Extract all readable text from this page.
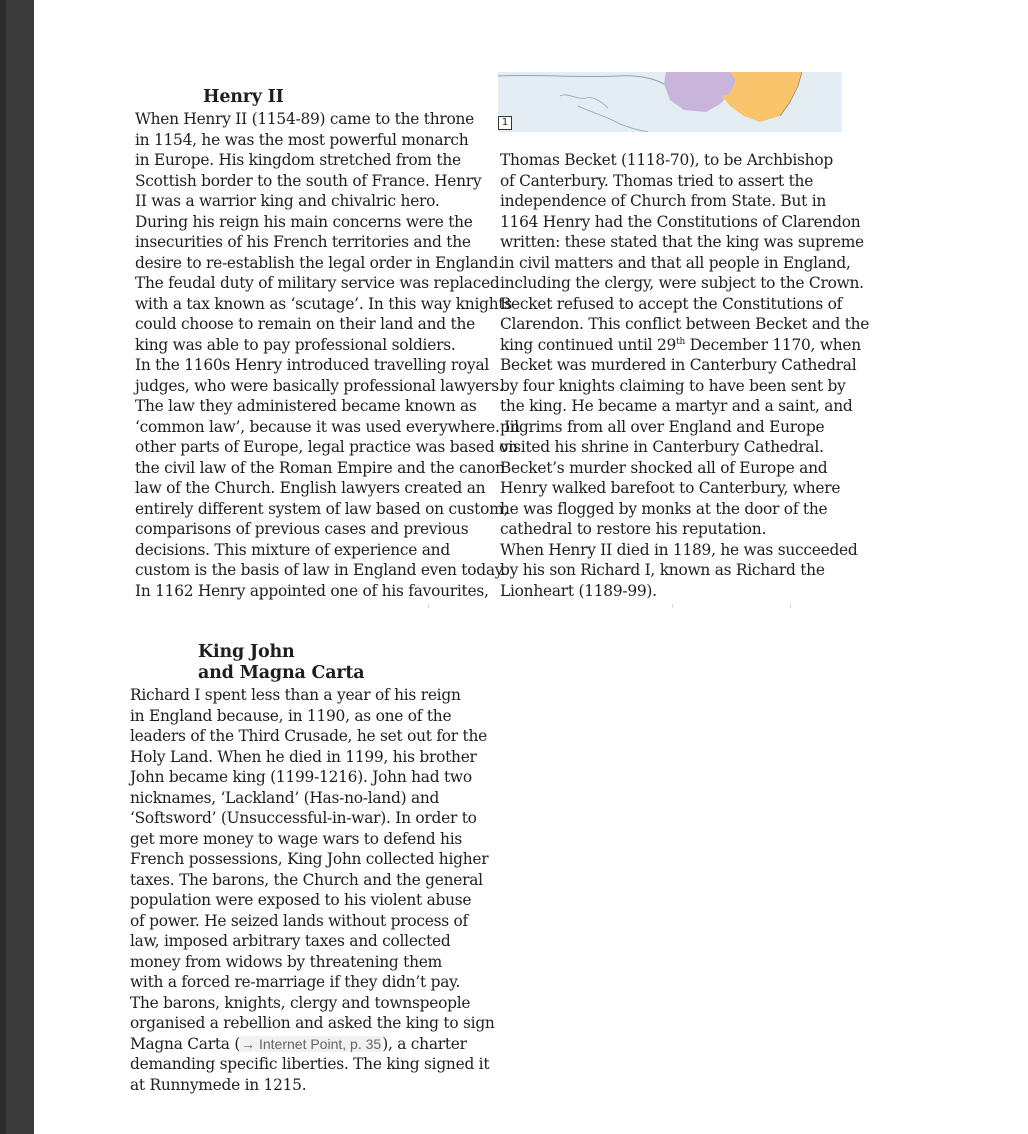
Henry II
When Henry II (1154-89) came to the throne
in 1154, he was the most powerful monarch
in Europe. His kingdom stretched from the
Scottish border to the south of France. Henry
II was a warrior king and chivalric hero.
During his reign his main concerns were the
insecurities of his French territories and the
desire to re-establish the legal order in England.
The feudal duty of military service was replaced
with a tax known as ‘scutage’. In this way knights
could choose to remain on their land and the
king was able to pay professional soldiers.
In the 1160s Henry introduced travelling royal
judges, who were basically professional lawyers.
The law they administered became known as
‘common law’, because it was used everywhere. In
other parts of Europe, legal practice was based on
the civil law of the Roman Empire and the canon
law of the Church. English lawyers created an
entirely different system of law based on custom,
comparisons of previous cases and previous
decisions. This mixture of experience and
custom is the basis of law in England even today.
In 1162 Henry appointed one of his favourites,
1
Thomas Becket (1118-70), to be Archbishop
of Canterbury. Thomas tried to assert the
independence of Church from State. But in
1164 Henry had the Constitutions of Clarendon
written: these stated that the king was supreme
in civil matters and that all people in England,
including the clergy, were subject to the Crown.
Becket refused to accept the Constitutions of
Clarendon. This conflict between Becket and the
king continued until 29th December 1170, when
Becket was murdered in Canterbury Cathedral
by four knights claiming to have been sent by
the king. He became a martyr and a saint, and
pilgrims from all over England and Europe
visited his shrine in Canterbury Cathedral.
Becket’s murder shocked all of Europe and
Henry walked barefoot to Canterbury, where
he was flogged by monks at the door of the
cathedral to restore his reputation.
When Henry II died in 1189, he was succeeded
by his son Richard I, known as Richard the
Lionheart (1189-99).
King John
and Magna Carta
Richard I spent less than a year of his reign
in England because, in 1190, as one of the
leaders of the Third Crusade, he set out for the
Holy Land. When he died in 1199, his brother
John became king (1199-1216). John had two
nicknames, ‘Lackland’ (Has-no-land) and
‘Softsword’ (Unsuccessful-in-war). In order to
get more money to wage wars to defend his
French possessions, King John collected higher
taxes. The barons, the Church and the general
population were exposed to his violent abuse
of power. He seized lands without process of
law, imposed arbitrary taxes and collected
money from widows by threatening them
with a forced re-marriage if they didn’t pay.
The barons, knights, clergy and townspeople
organised a rebellion and asked the king to sign
Magna Carta (→ Internet Point, p. 35), a charter
demanding specific liberties. The king signed it
at Runnymede in 1215.
